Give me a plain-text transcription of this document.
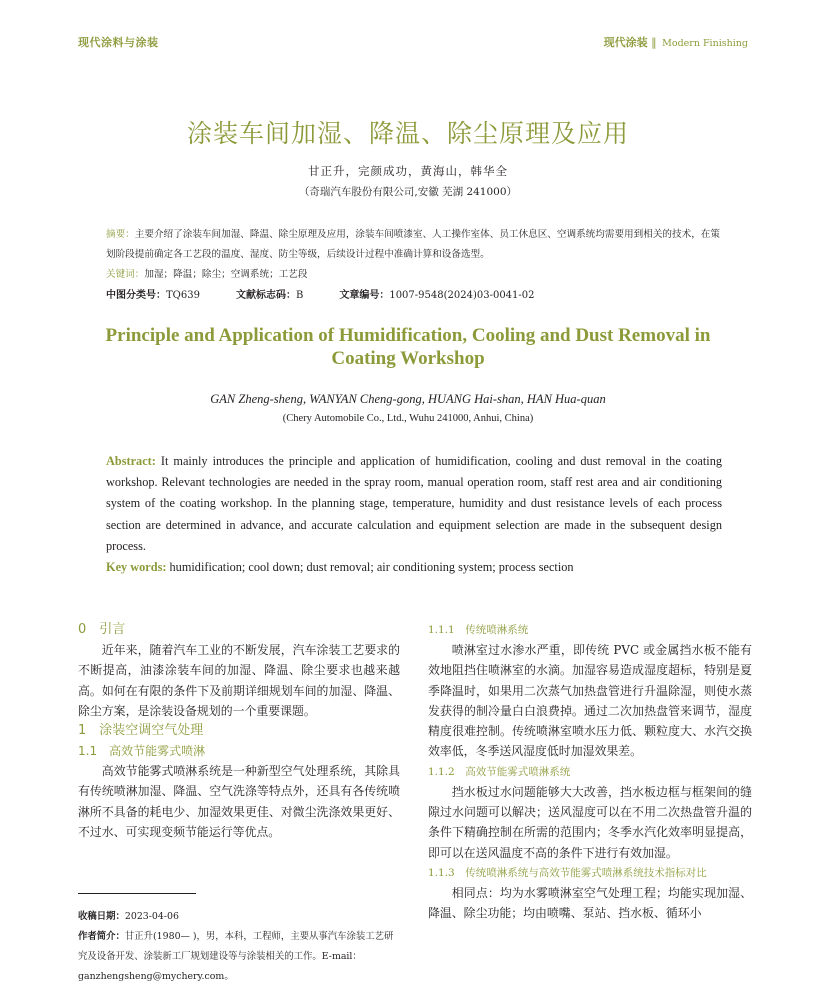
现代涂料与涂装	现代涂装 ‖ Modern Finishing
涂装车间加湿、降温、除尘原理及应用
甘正升，完颜成功，黄海山，韩华全
（奇瑞汽车股份有限公司,安徽 芜湖 241000）
摘要：主要介绍了涂装车间加湿、降温、除尘原理及应用，涂装车间喷漆室、人工操作室体、员工休息区、空调系统均需要用到相关的技术，在策划阶段提前确定各工艺段的温度、湿度、防尘等级，后续设计过程中准确计算和设备选型。
关键词：加湿；降温；除尘；空调系统；工艺段
中图分类号：TQ639	文献标志码：B	文章编号：1007-9548(2024)03-0041-02
Principle and Application of Humidification, Cooling and Dust Removal in Coating Workshop
GAN Zheng-sheng, WANYAN Cheng-gong, HUANG Hai-shan, HAN Hua-quan
(Chery Automobile Co., Ltd., Wuhu 241000, Anhui, China)
Abstract: It mainly introduces the principle and application of humidification, cooling and dust removal in the coating workshop. Relevant technologies are needed in the spray room, manual operation room, staff rest area and air conditioning system of the coating workshop. In the planning stage, temperature, humidity and dust resistance levels of each process section are determined in advance, and accurate calculation and equipment selection are made in the subsequent design process.
Key words: humidification; cool down; dust removal; air conditioning system; process section
0　引言

近年来，随着汽车工业的不断发展，汽车涂装工艺要求的不断提高，油漆涂装车间的加湿、降温、除尘要求也越来越高。如何在有限的条件下及前期详细规划车间的加湿、降温、除尘方案，是涂装设备规划的一个重要课题。

1　涂装空调空气处理
1.1　高效节能雾式喷淋

高效节能雾式喷淋系统是一种新型空气处理系统，其除具有传统喷淋加湿、降温、空气洗涤等特点外，还具有各传统喷淋所不具备的耗电少、加湿效果更佳、对微尘洗涤效果更好、不过水、可实现变频节能运行等优点。

收稿日期：2023-04-06
作者简介：甘正升(1980— )，男，本科，工程师，主要从事汽车涂装工艺研究及设备开发、涂装新工厂规划建设等与涂装相关的工作。E-mail：ganzhengsheng@mychery.com。
1.1.1　传统喷淋系统

喷淋室过水渗水严重，即传统 PVC 或金属挡水板不能有效地阻挡住喷淋室的水滴。加湿容易造成湿度超标，特别是夏季降温时，如果用二次蒸气加热盘管进行升温除湿，则使水蒸发获得的制冷量白白浪费掉。通过二次加热盘管来调节，湿度精度很难控制。传统喷淋室喷水压力低、颗粒度大、水汽交换效率低，冬季送风湿度低时加湿效果差。

1.1.2　高效节能雾式喷淋系统

挡水板过水问题能够大大改善，挡水板边框与框架间的缝隙过水问题可以解决；送风湿度可以在不用二次热盘管升温的条件下精确控制在所需的范围内；冬季水汽化效率明显提高，即可以在送风温度不高的条件下进行有效加湿。

1.1.3　传统喷淋系统与高效节能雾式喷淋系统技术指标对比

相同点：均为水雾喷淋室空气处理工程；均能实现加湿、降温、除尘功能；均由喷嘴、泵站、挡水板、循环小
